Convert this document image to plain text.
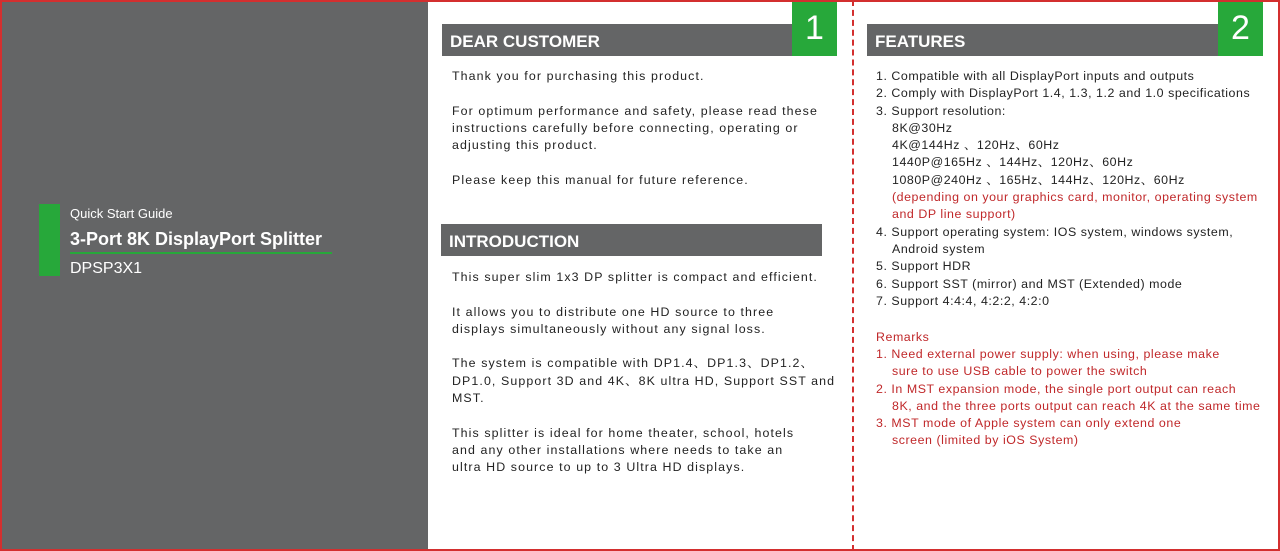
Quick Start Guide
3-Port 8K DisplayPort Splitter
DPSP3X1
DEAR CUSTOMER	1

Thank you for purchasing this product.

For optimum performance and safety, please read these
instructions carefully before connecting, operating or
adjusting this product.

Please keep this manual for future reference.

INTRODUCTION

This super slim 1x3 DP splitter is compact and efficient.

It allows you to distribute one HD source to three
displays simultaneously without any signal loss.

The system is compatible with DP1.4、DP1.3、DP1.2、
DP1.0, Support 3D and 4K、8K ultra HD, Support SST and
MST.

This splitter is ideal for home theater, school, hotels
and any other installations where needs to take an
ultra HD source to up to 3 Ultra HD displays.

FEATURES	2
1. Compatible with all DisplayPort inputs and outputs
2. Comply with DisplayPort 1.4, 1.3, 1.2 and 1.0 specifications
3. Support resolution:
8K@30Hz
4K@144Hz 、120Hz、60Hz
1440P@165Hz 、144Hz、120Hz、60Hz
1080P@240Hz 、165Hz、144Hz、120Hz、60Hz
(depending on your graphics card, monitor, operating system
and DP line support)
4. Support operating system: IOS system, windows system,
Android system
5. Support HDR
6. Support SST (mirror) and MST (Extended) mode
7. Support 4:4:4, 4:2:2, 4:2:0
Remarks
1. Need external power supply: when using, please make
sure to use USB cable to power the switch
2. In MST expansion mode, the single port output can reach
8K, and the three ports output can reach 4K at the same time
3. MST mode of Apple system can only extend one
screen (limited by iOS System)
